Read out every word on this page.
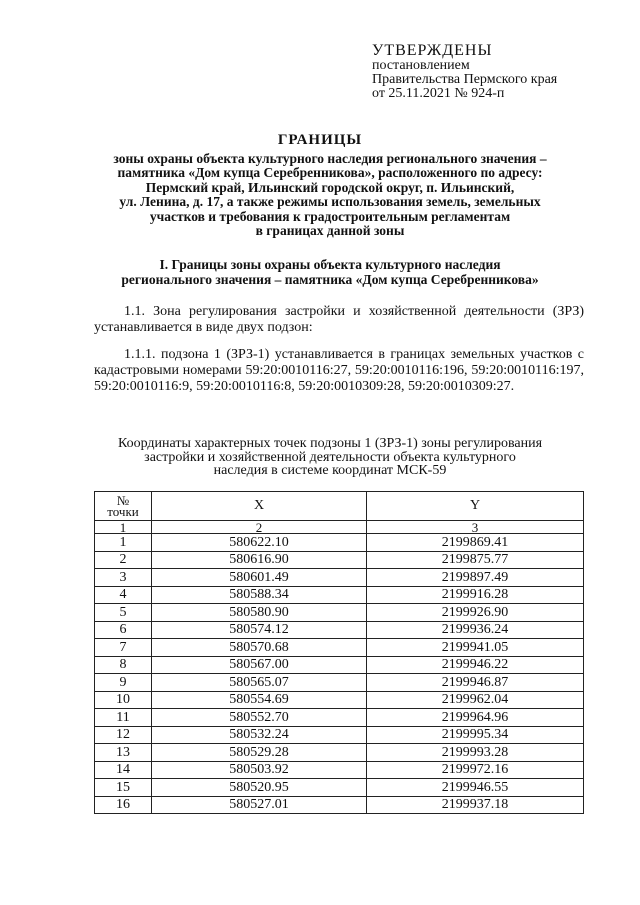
УТВЕРЖДЕНЫ
постановлением
Правительства Пермского края
от 25.11.2021 № 924-п
ГРАНИЦЫ
зоны охраны объекта культурного наследия регионального значения –
памятника «Дом купца Серебренникова», расположенного по адресу:
Пермский край, Ильинский городской округ, п. Ильинский,
ул. Ленина, д. 17, а также режимы использования земель, земельных
участков и требования к градостроительным регламентам
в границах данной зоны
I. Границы зоны охраны объекта культурного наследия
регионального значения – памятника «Дом купца Серебренникова»
1.1. Зона регулирования застройки и хозяйственной деятельности (ЗРЗ) устанавливается в виде двух подзон:
1.1.1. подзона 1 (ЗРЗ-1) устанавливается в границах земельных участков с кадастровыми номерами 59:20:0010116:27, 59:20:0010116:196, 59:20:0010116:197, 59:20:0010116:9, 59:20:0010116:8, 59:20:0010309:28, 59:20:0010309:27.
Координаты характерных точек подзоны 1 (ЗРЗ-1) зоны регулирования
застройки и хозяйственной деятельности объекта культурного
наследия в системе координат МСК-59
№
точки	X	Y
1	2	3
1	580622.10	2199869.41
2	580616.90	2199875.77
3	580601.49	2199897.49
4	580588.34	2199916.28
5	580580.90	2199926.90
6	580574.12	2199936.24
7	580570.68	2199941.05
8	580567.00	2199946.22
9	580565.07	2199946.87
10	580554.69	2199962.04
11	580552.70	2199964.96
12	580532.24	2199995.34
13	580529.28	2199993.28
14	580503.92	2199972.16
15	580520.95	2199946.55
16	580527.01	2199937.18
